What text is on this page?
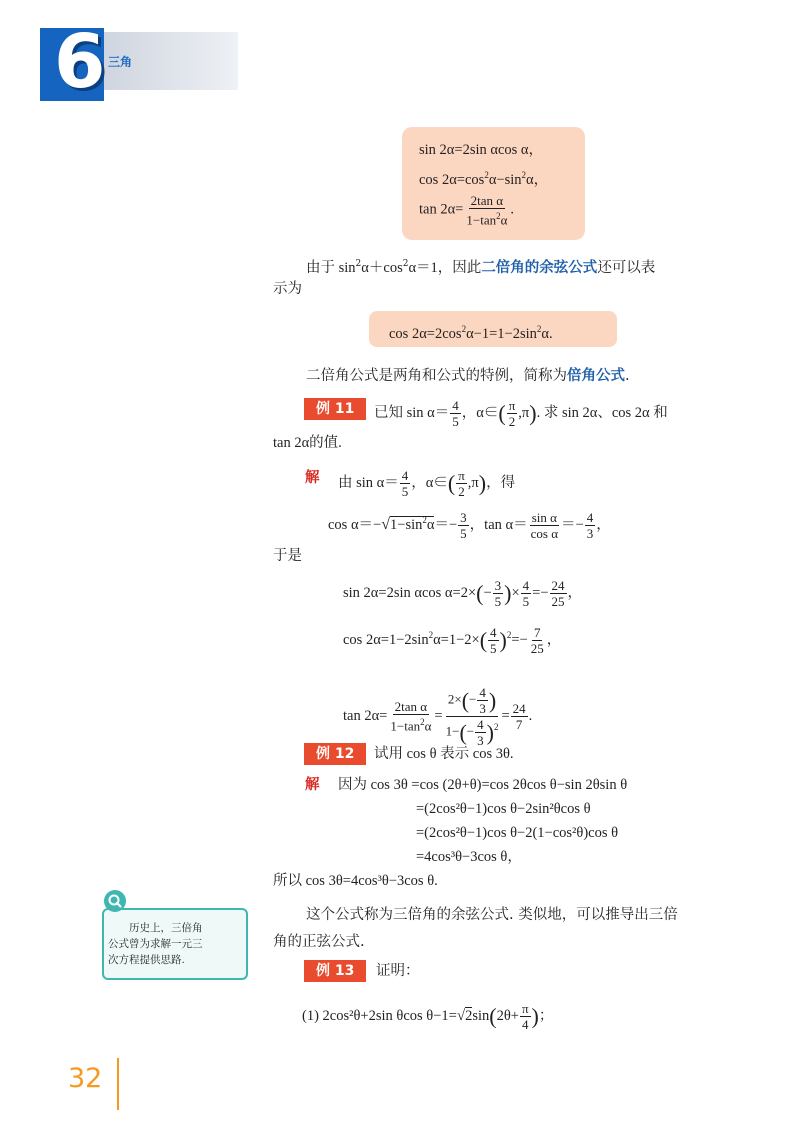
6 三角
sin 2α=2sin αcos α，
$\cos 2\alpha=\cos^2\alpha-\sin^2\alpha$，
$\tan 2\alpha= \frac{\text{2tan α}}{1-\tan^2\alpha}$ .
由于 $\sin^2\alpha+\cos^2\alpha=1$，因此二倍角的余弦公式还可以表
示为
$\cos 2\alpha=2\cos^2\alpha-1=1-2\sin^2\alpha$.
二倍角公式是两角和公式的特例，简称为倍角公式.
例 11	已知 $\sin \alpha= \frac{4}{5}$ ，α∈( $\frac{\pi}{2} ,\pi$). 求 sin 2α、cos 2α 和
tan 2α的值.
解 由 $\sin \alpha= \frac{4}{5}$ ，α∈( $\frac{\pi}{2} ,\pi$)，得
$\cos \alpha=-√1-\sin^2\alpha=- \frac{3}{5}$ ，$\tan \alpha= \frac{\text{sin α}}{\text{cos α}} =- \frac{4}{3}$ ，
于是
sin 2α=2sin αcos $\alpha=2\times(- \frac{3}{5}$ )× $\frac{4}{5} =- \frac{24}{25}$ ，
$\cos 2\alpha=1-2\sin^2\alpha=1-2\times( \frac{4}{5} )^2=- \frac{7}{25}$ ，
$\tan 2\alpha= \frac{\text{2tan α}}{1-\tan^2\alpha} = \frac{2\times(- \frac{4}{3} )}{1-(- \frac{4}{3} )^2} = \frac{24}{7}$ .
例 12	试用 cos θ 表示 cos 3θ.
解 因为 cos 3θ =cos (2θ+θ)=cos 2θcos θ−sin 2θsin θ
=(2cos²θ−1)cos θ−2sin²θcos θ
=(2cos²θ−1)cos θ−2(1−cos²θ)cos θ
=4cos³θ−3cos θ，
所以 cos 3θ=4cos³θ−3cos θ.
历史上，三倍角
公式曾为求解一元三
次方程提供思路.
这个公式称为三倍角的余弦公式. 类似地，可以推导出三倍
角的正弦公式.
例 13	证明：
(1) 2cos²θ+2sin θcos $\theta-1=√2\sin(2\theta+ \frac{\pi}{4}$ )；
32
